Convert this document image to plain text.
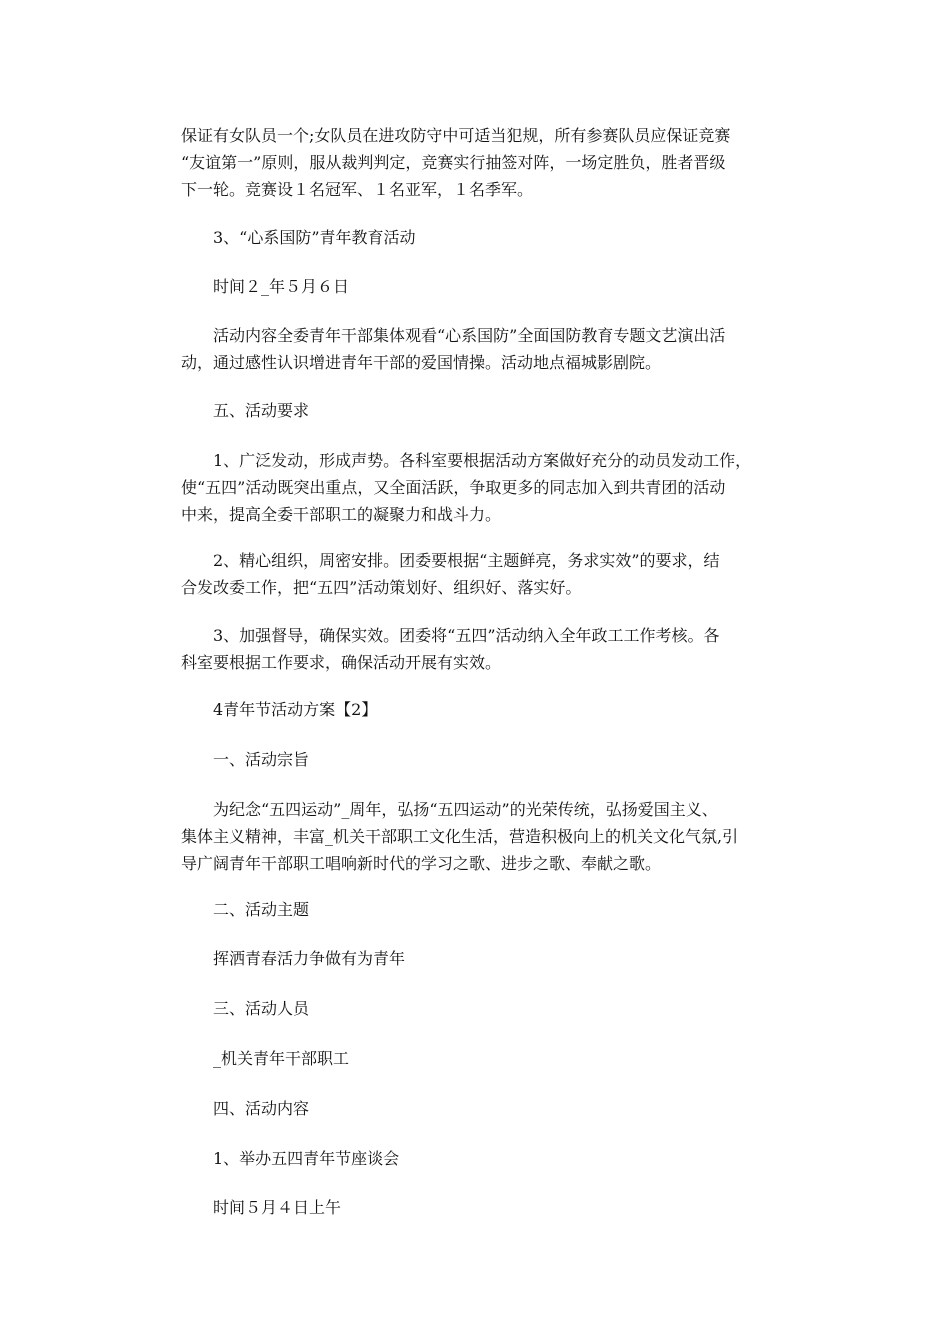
保证有女队员一个;女队员在进攻防守中可适当犯规，所有参赛队员应保证竞赛
“友谊第一”原则，服从裁判判定，竞赛实行抽签对阵，一场定胜负，胜者晋级
下一轮。竞赛设１名冠军、１名亚军，１名季军。
　　3、“心系国防”青年教育活动
　　时间２_年５月６日
　　活动内容全委青年干部集体观看“心系国防”全面国防教育专题文艺演出活
动，通过感性认识增进青年干部的爱国情操。活动地点福城影剧院。
　　五、活动要求
　　1、广泛发动，形成声势。各科室要根据活动方案做好充分的动员发动工作，
使“五四”活动既突出重点，又全面活跃，争取更多的同志加入到共青团的活动
中来，提高全委干部职工的凝聚力和战斗力。
　　2、精心组织，周密安排。团委要根据“主题鲜亮，务求实效”的要求，结
合发改委工作，把“五四”活动策划好、组织好、落实好。
　　3、加强督导，确保实效。团委将“五四”活动纳入全年政工工作考核。各
科室要根据工作要求，确保活动开展有实效。
　　4青年节活动方案【2】
　　一、活动宗旨
　　为纪念“五四运动”_周年，弘扬“五四运动”的光荣传统，弘扬爱国主义、
集体主义精神，丰富_机关干部职工文化生活，营造积极向上的机关文化气氛,引
导广阔青年干部职工唱响新时代的学习之歌、进步之歌、奉献之歌。
　　二、活动主题
　　挥洒青春活力争做有为青年
　　三、活动人员
　　_机关青年干部职工
　　四、活动内容
　　1、举办五四青年节座谈会
　　时间５月４日上午
